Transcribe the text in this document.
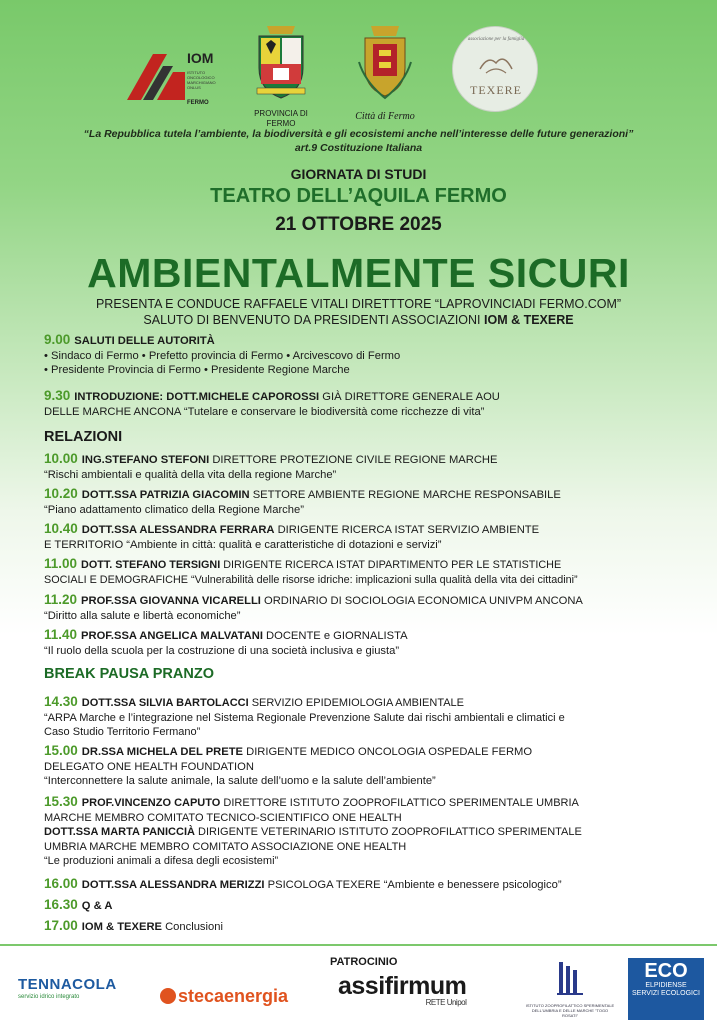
IOM
ISTITUTO ONCOLOGICO MARCHIGIANO ONLUS
FERMO
PROVINCIA DI FERMO
Città di Fermo
associazione per la famiglia
TEXERE
“La Repubblica tutela l’ambiente, la biodiversità e gli ecosistemi anche nell’interesse delle future generazioni”
art.9 Costituzione Italiana
GIORNATA DI STUDI
TEATRO DELL’AQUILA FERMO
21 OTTOBRE 2025
AMBIENTALMENTE SICURI
PRESENTA E CONDUCE RAFFAELE VITALI DIRETTTORE “LAPROVINCIADI FERMO.COM”
SALUTO DI BENVENUTO DA PRESIDENTI ASSOCIAZIONI IOM & TEXERE
9.00 SALUTI DELLE AUTORITÀ
• Sindaco di Fermo • Prefetto provincia di Fermo • Arcivescovo di Fermo
• Presidente Provincia di Fermo • Presidente Regione Marche
9.30 INTRODUZIONE: DOTT.MICHELE CAPOROSSI GIÀ DIRETTORE GENERALE AOU
DELLE MARCHE ANCONA “Tutelare e conservare le biodiversità come ricchezze di vita”
RELAZIONI
10.00 ING.STEFANO STEFONI DIRETTORE PROTEZIONE CIVILE REGIONE MARCHE
“Rischi ambientali e qualità della vita della regione Marche”
10.20 DOTT.SSA PATRIZIA GIACOMIN SETTORE AMBIENTE REGIONE MARCHE RESPONSABILE
“Piano adattamento climatico della Regione Marche”
10.40 DOTT.SSA ALESSANDRA FERRARA DIRIGENTE RICERCA ISTAT SERVIZIO AMBIENTE
E TERRITORIO “Ambiente in città: qualità e caratteristiche di dotazioni e servizi”
11.00 DOTT. STEFANO TERSIGNI DIRIGENTE RICERCA ISTAT DIPARTIMENTO PER LE STATISTICHE
SOCIALI E DEMOGRAFICHE “Vulnerabilità delle risorse idriche: implicazioni sulla qualità della vita dei cittadini”
11.20 PROF.SSA GIOVANNA VICARELLI ORDINARIO DI SOCIOLOGIA ECONOMICA UNIVPM ANCONA
“Diritto alla salute e libertà economiche”
11.40 PROF.SSA ANGELICA MALVATANI DOCENTE e GIORNALISTA
“Il ruolo della scuola per la costruzione di una società inclusiva e giusta”
BREAK PAUSA PRANZO
14.30 DOTT.SSA SILVIA BARTOLACCI SERVIZIO EPIDEMIOLOGIA AMBIENTALE
“ARPA Marche e l’integrazione nel Sistema Regionale Prevenzione Salute dai rischi ambientali e climatici e
Caso Studio Territorio Fermano”
15.00 DR.SSA MICHELA DEL PRETE DIRIGENTE MEDICO ONCOLOGIA OSPEDALE FERMO
DELEGATO ONE HEALTH FOUNDATION
“Interconnettere la salute animale, la salute dell’uomo e la salute dell’ambiente”
15.30 PROF.VINCENZO CAPUTO DIRETTORE ISTITUTO ZOOPROFILATTICO SPERIMENTALE UMBRIA
MARCHE MEMBRO COMITATO TECNICO-SCIENTIFICO ONE HEALTH
DOTT.SSA MARTA PANICCIÀ DIRIGENTE VETERINARIO ISTITUTO ZOOPROFILATTICO SPERIMENTALE
UMBRIA MARCHE MEMBRO COMITATO ASSOCIAZIONE ONE HEALTH
“Le produzioni animali a difesa degli ecosistemi”
16.00 DOTT.SSA ALESSANDRA MERIZZI PSICOLOGA TEXERE “Ambiente e benessere psicologico”
16.30 Q & A
17.00 IOM & TEXERE Conclusioni
PATROCINIO
TENNACOLA
servizio idrico integrato	stecaenergia assifirmum
RETE Unipol	ISTITUTO ZOOPROFILATTICO SPERIMENTALE DELL'UMBRIA E DELLE MARCHE "TOGO ROSATI"
ECO
ELPIDIENSE
SERVIZI ECOLOGICI
